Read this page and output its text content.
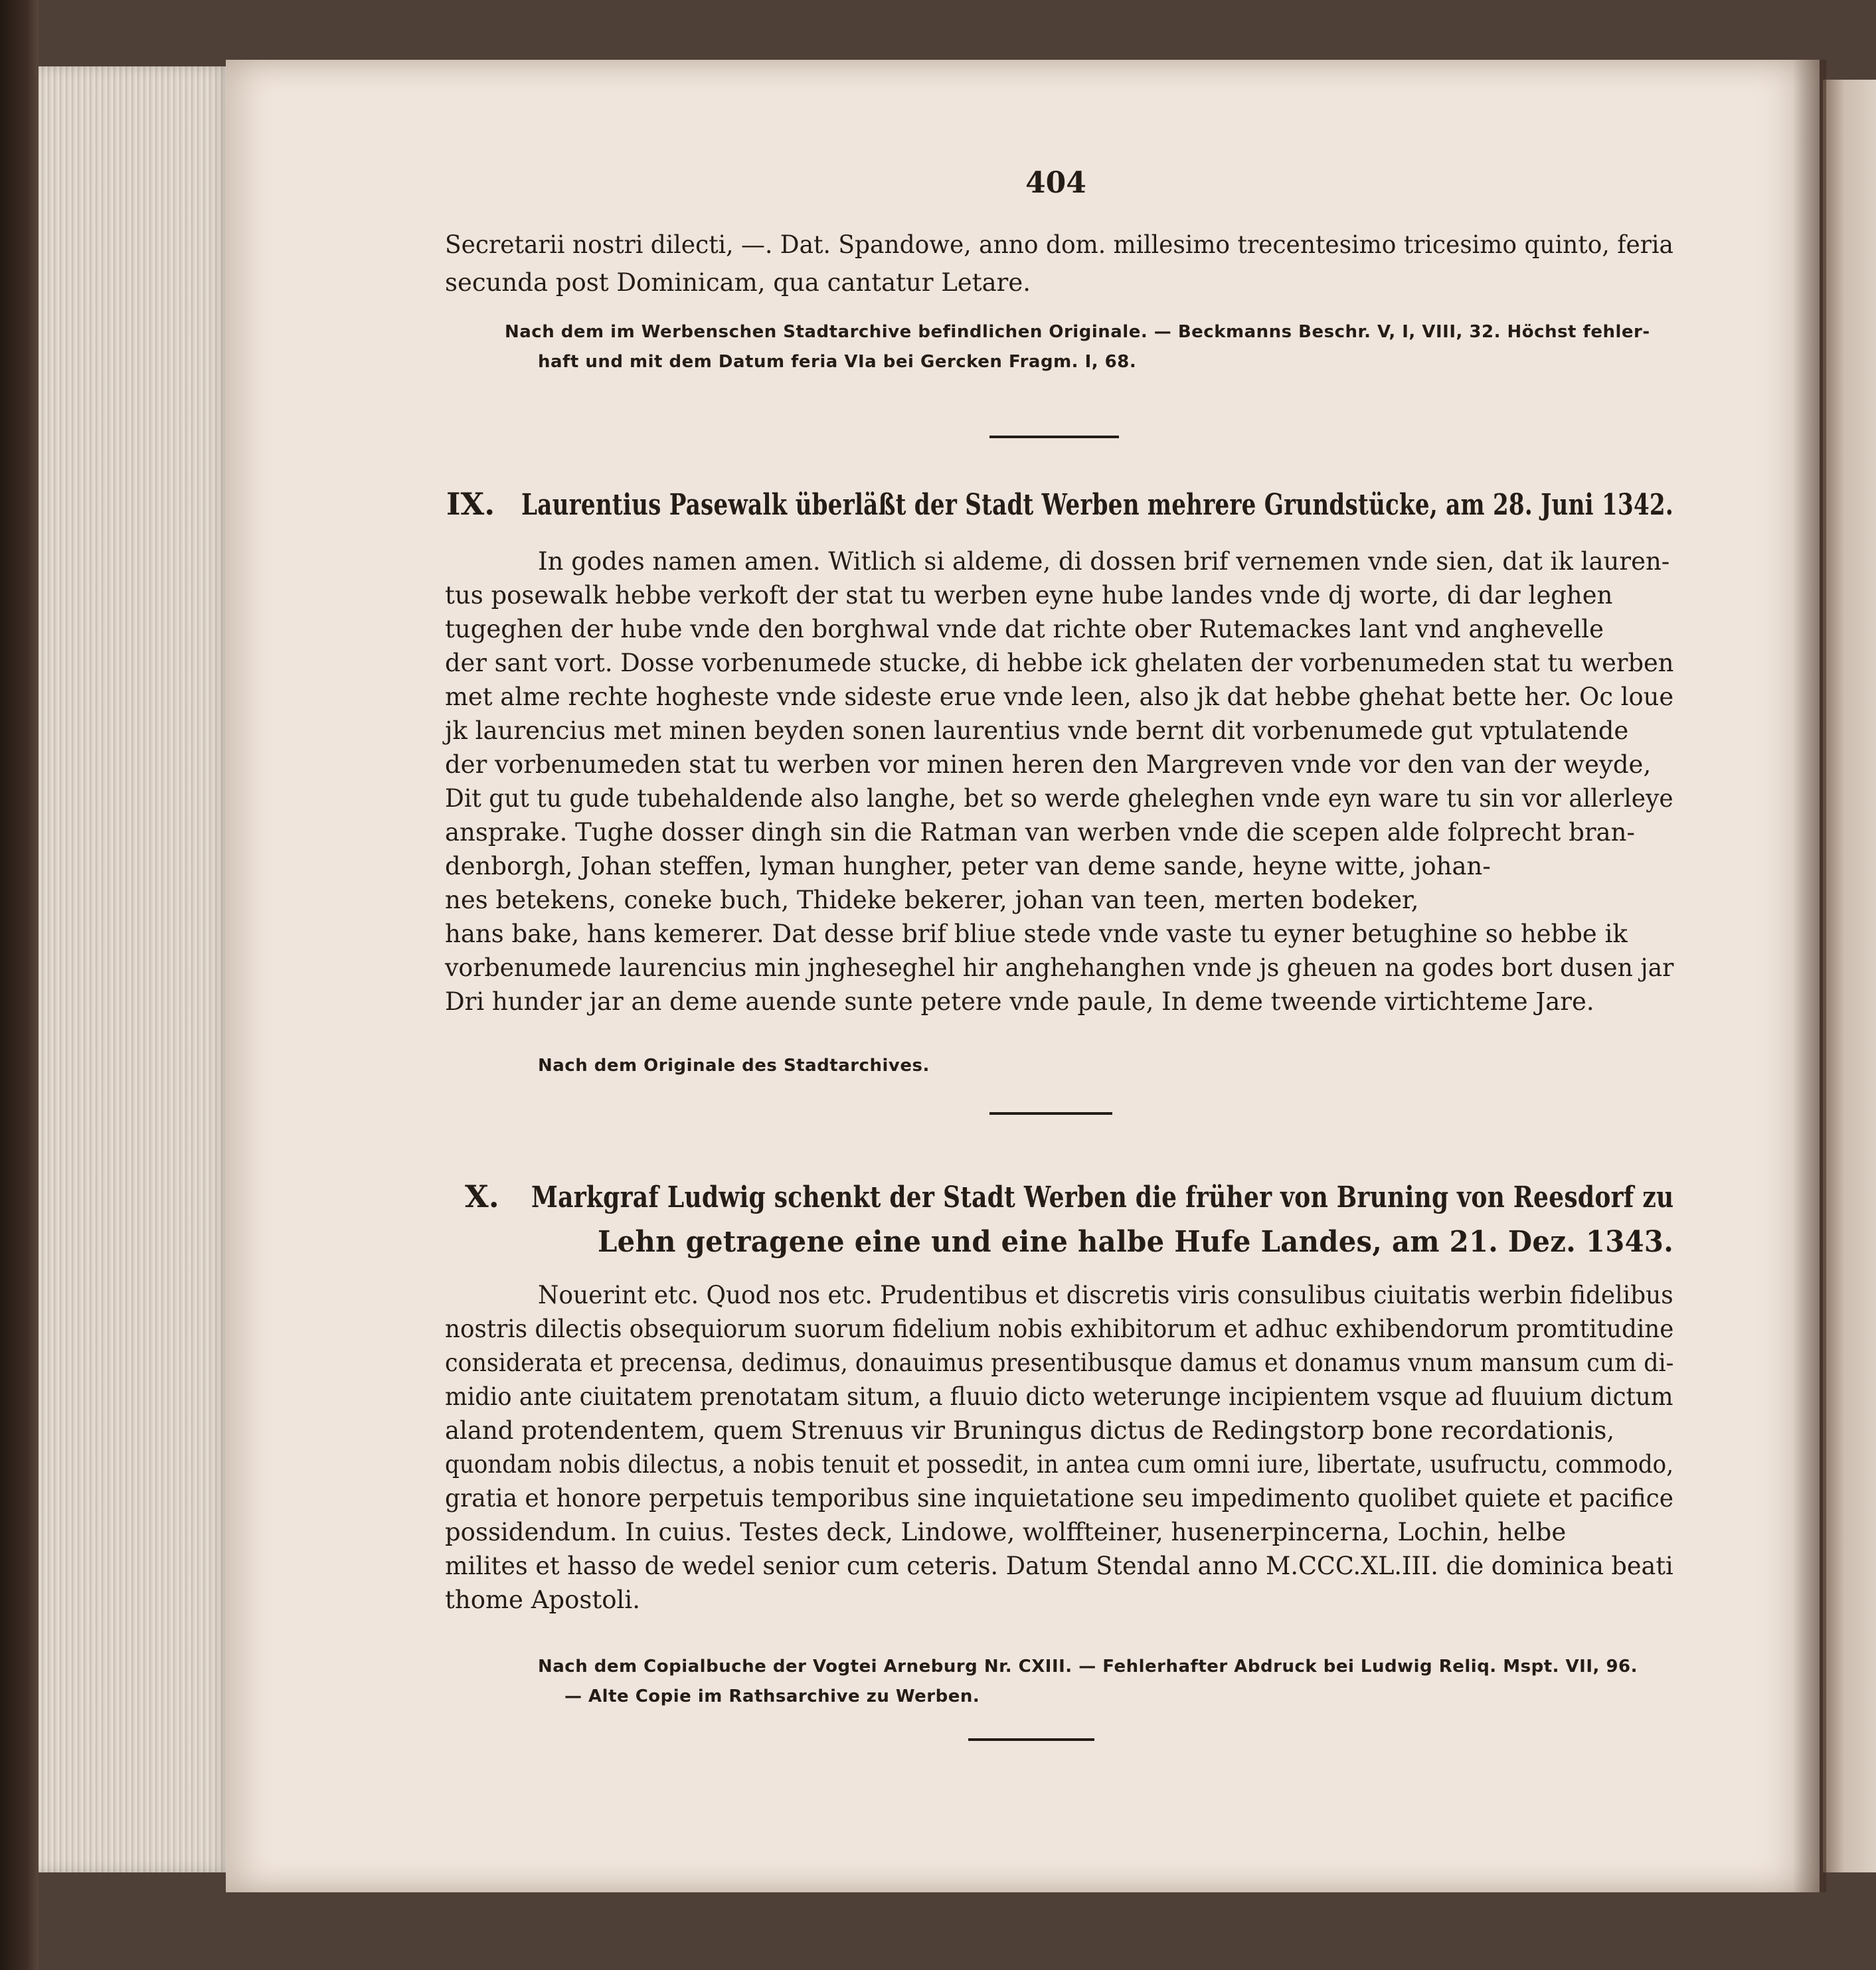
404
Secretarii nostri dilecti, —. Dat. Spandowe, anno dom. millesimo trecentesimo tricesimo quinto, feria
secunda post Dominicam, qua cantatur Letare.
Nach dem im Werbenschen Stadtarchive befindlichen Originale. — Beckmanns Beschr. V, I, VIII, 32. Höchst fehler-
haft und mit dem Datum feria VIa bei Gercken Fragm. I, 68.
IX. Laurentius Pasewalk überläßt der Stadt Werben mehrere Grundstücke, am 28. Juni 1342.
In godes namen amen. Witlich si aldeme, di dossen brif vernemen vnde sien, dat ik lauren-
tus posewalk hebbe verkoft der stat tu werben eyne hube landes vnde dj worte, di dar leghen
tugeghen der hube vnde den borghwal vnde dat richte ober Rutemackes lant vnd anghevelle
der sant vort. Dosse vorbenumede stucke, di hebbe ick ghelaten der vorbenumeden stat tu werben
met alme rechte hogheste vnde sideste erue vnde leen, also jk dat hebbe ghehat bette her. Oc loue
jk laurencius met minen beyden sonen laurentius vnde bernt dit vorbenumede gut vptulatende
der vorbenumeden stat tu werben vor minen heren den Margreven vnde vor den van der weyde,
Dit gut tu gude tubehaldende also langhe, bet so werde gheleghen vnde eyn ware tu sin vor allerleye
ansprake. Tughe dosser dingh sin die Ratman van werben vnde die scepen alde folprecht bran-
denborgh, Johan steffen, lyman hungher, peter van deme sande, heyne witte, johan-
nes betekens, coneke buch, Thideke bekerer, johan van teen, merten bodeker,
hans bake, hans kemerer. Dat desse brif bliue stede vnde vaste tu eyner betughine so hebbe ik
vorbenumede laurencius min jngheseghel hir anghehanghen vnde js gheuen na godes bort dusen jar
Dri hunder jar an deme auende sunte petere vnde paule, In deme tweende virtichteme Jare.
Nach dem Originale des Stadtarchives.
X. Markgraf Ludwig schenkt der Stadt Werben die früher von Bruning von Reesdorf zu
Lehn getragene eine und eine halbe Hufe Landes, am 21. Dez. 1343.
Nouerint etc. Quod nos etc. Prudentibus et discretis viris consulibus ciuitatis werbin fidelibus
nostris dilectis obsequiorum suorum fidelium nobis exhibitorum et adhuc exhibendorum promtitudine
considerata et precensa, dedimus, donauimus presentibusque damus et donamus vnum mansum cum di-
midio ante ciuitatem prenotatam situm, a fluuio dicto weterunge incipientem vsque ad fluuium dictum
aland protendentem, quem Strenuus vir Bruningus dictus de Redingstorp bone recordationis,
quondam nobis dilectus, a nobis tenuit et possedit, in antea cum omni iure, libertate, usufructu, commodo,
gratia et honore perpetuis temporibus sine inquietatione seu impedimento quolibet quiete et pacifice
possidendum. In cuius. Testes deck, Lindowe, wolffteiner, husenerpincerna, Lochin, helbe
milites et hasso de wedel senior cum ceteris. Datum Stendal anno M.CCC.XL.III. die dominica beati
thome Apostoli.
Nach dem Copialbuche der Vogtei Arneburg Nr. CXIII. — Fehlerhafter Abdruck bei Ludwig Reliq. Mspt. VII, 96.
— Alte Copie im Rathsarchive zu Werben.
